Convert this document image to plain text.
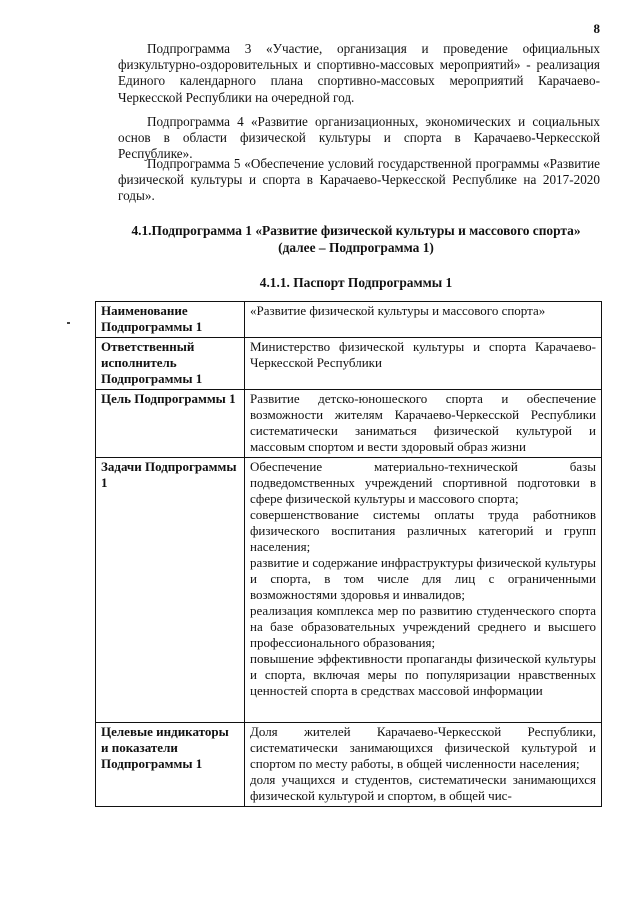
8

Подпрограмма 3 «Участие, организация и проведение официальных физкультурно-оздоровительных и спортивно-массовых мероприятий» - реализация Единого календарного плана спортивно-массовых мероприятий Карачаево-Черкесской Республики на очередной год.

Подпрограмма 4 «Развитие организационных, экономических и социальных основ в области физической культуры и спорта в Карачаево-Черкесской Республике».

Подпрограмма 5 «Обеспечение условий государственной программы «Развитие физической культуры и спорта в Карачаево-Черкесской Республике на 2017-2020 годы».

4.1.Подпрограмма 1 «Развитие физической культуры и массового спорта»
(далее – Подпрограмма 1)
4.1.1. Паспорт Подпрограммы 1
Наименование Подпрограммы 1	«Развитие физической культуры и массового спорта»
Ответственный исполнитель Подпрограммы 1	Министерство физической культуры и спорта Карачаево-Черкесской Республики
Цель Подпрограммы 1	Развитие детско-юношеского спорта и обеспечение возможности жителям Карачаево-Черкесской Республики систематически заниматься физической культурой и массовым спортом и вести здоровый образ жизни
Задачи Подпрограммы 1	Обеспечение материально-технической базы подведомственных учреждений спортивной подготовки в сфере физической культуры и массового спорта;
совершенствование системы оплаты труда работников физического воспитания различных категорий и групп населения;
развитие и содержание инфраструктуры физической культуры и спорта, в том числе для лиц с ограниченными возможностями здоровья и инвалидов;
реализация комплекса мер по развитию студенческого спорта на базе образовательных учреждений среднего и высшего профессионального образования;
повышение эффективности пропаганды физической культуры и спорта, включая меры по популяризации нравственных ценностей спорта в средствах массовой информации

Целевые индикаторы и показатели Подпрограммы 1	Доля жителей Карачаево-Черкесской Республики, систематически занимающихся физической культурой и спортом по месту работы, в общей численности населения;
доля учащихся и студентов, систематически занимающихся физической культурой и спортом, в общей чис-
